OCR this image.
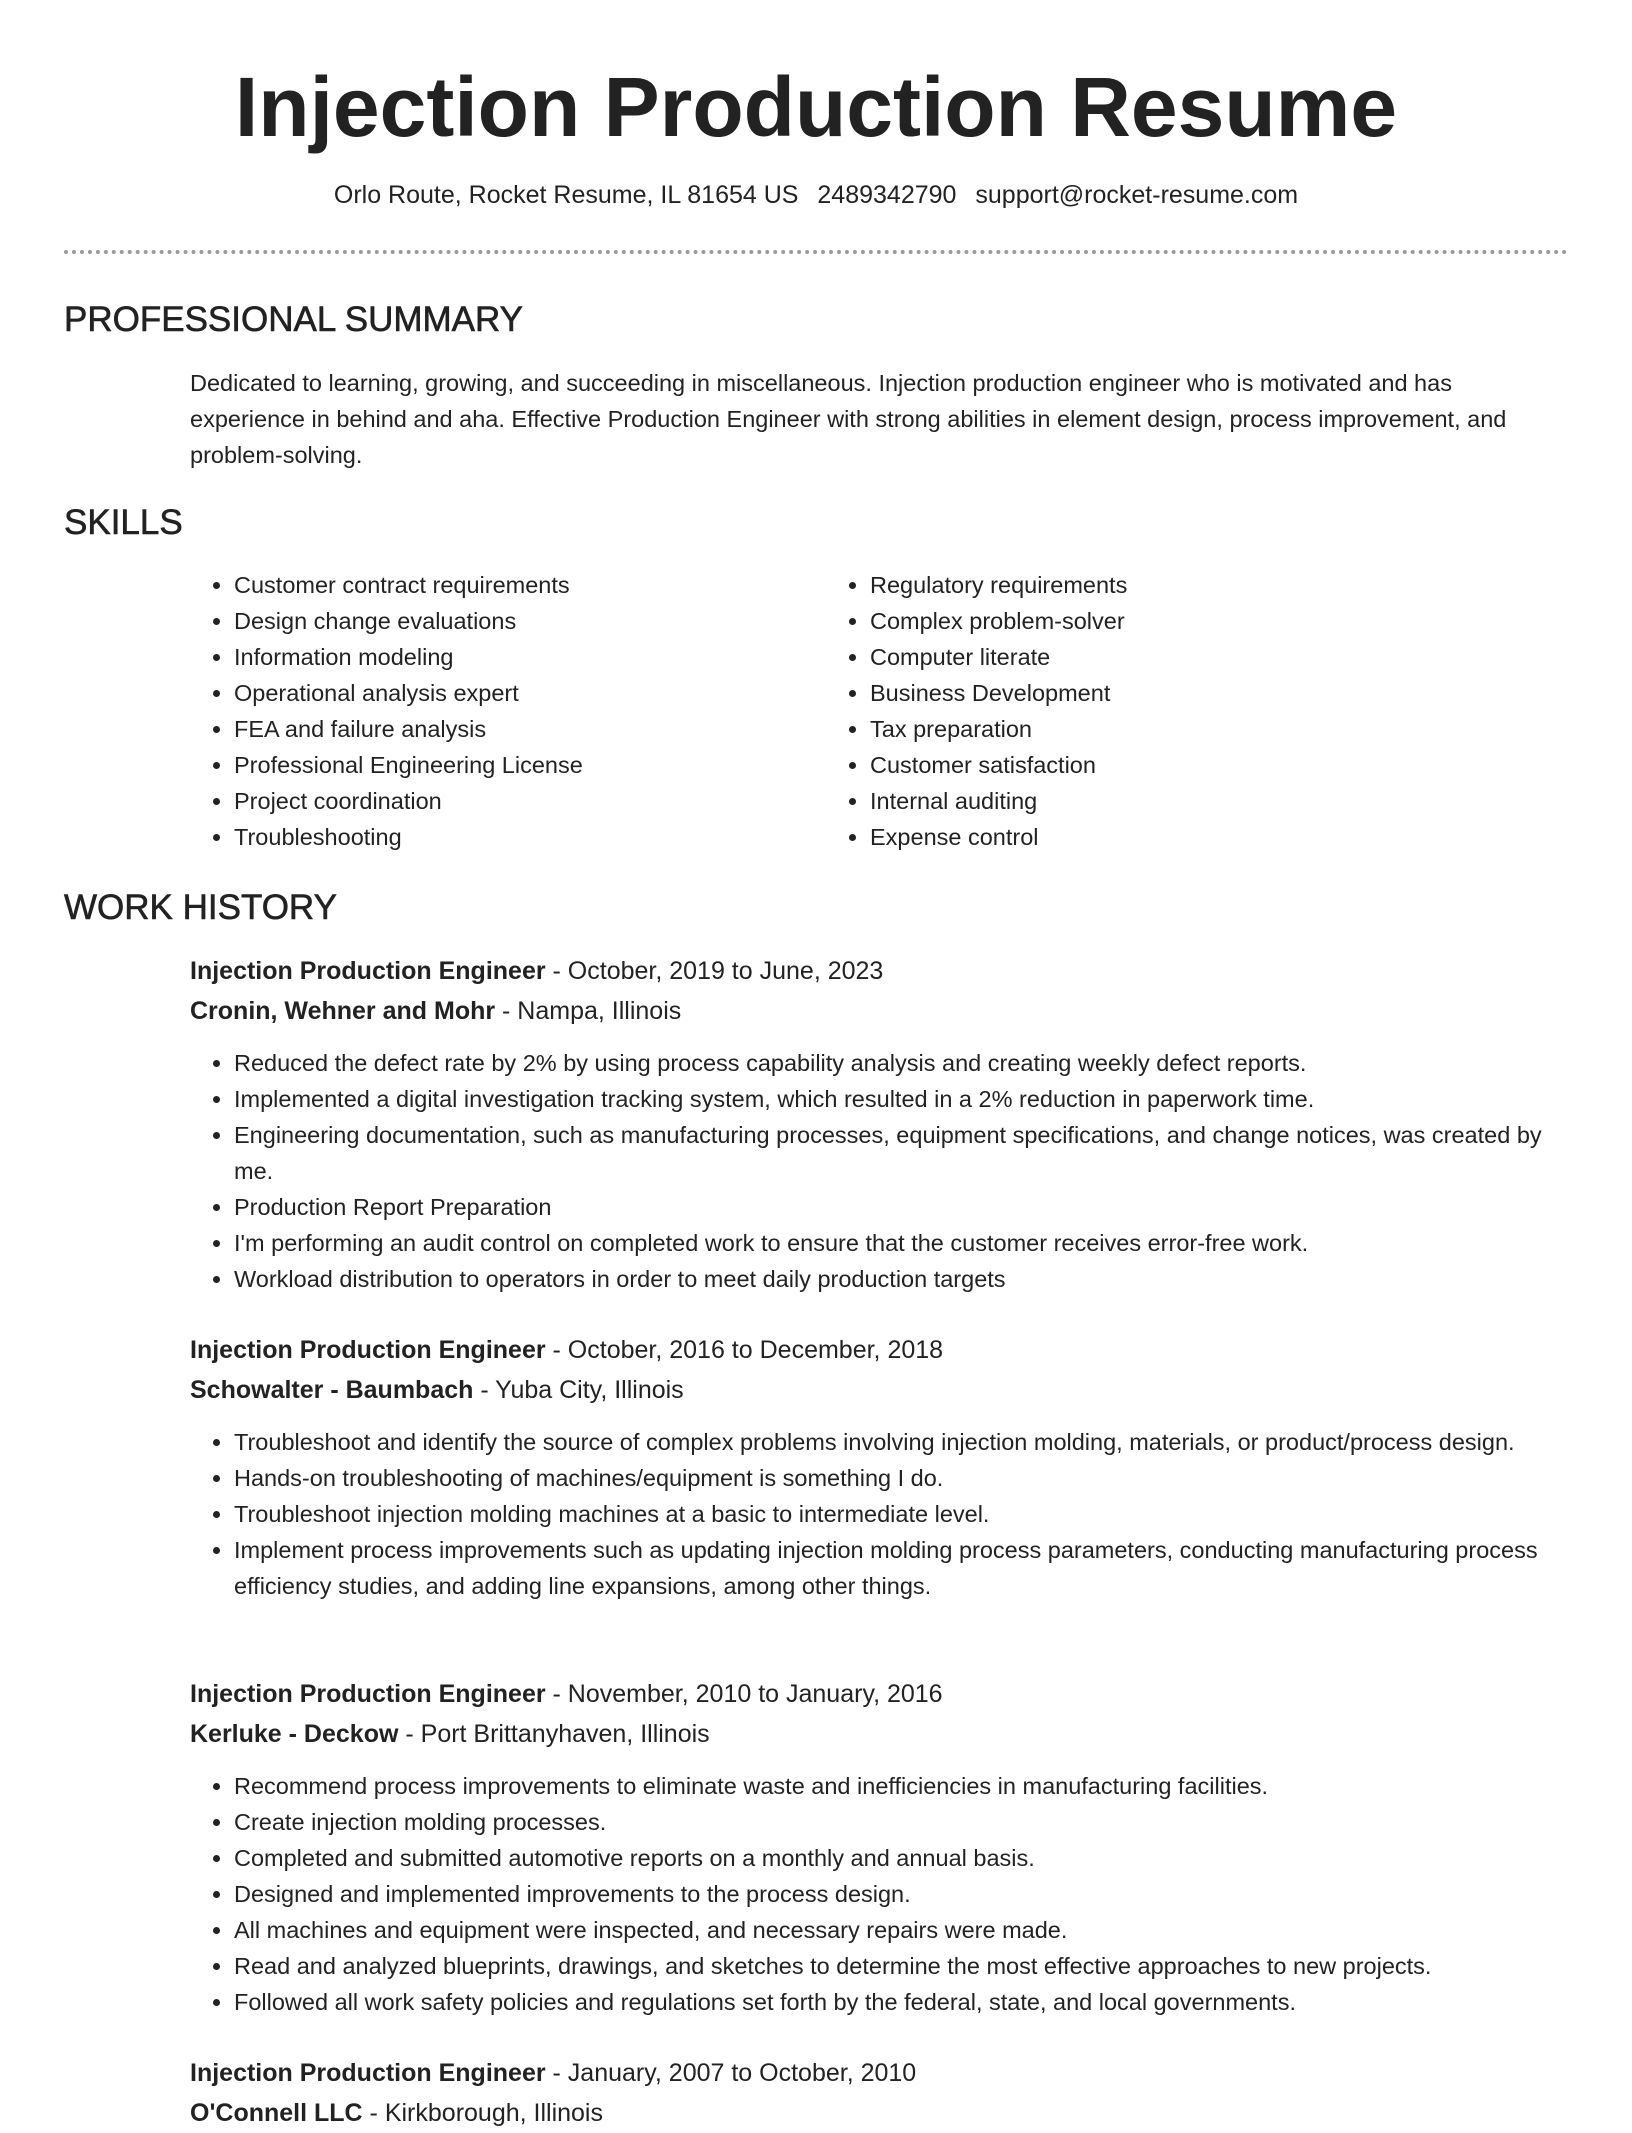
Injection Production Resume
Orlo Route, Rocket Resume, IL 81654 US 2489342790 support@rocket-resume.com
PROFESSIONAL SUMMARY

Dedicated to learning, growing, and succeeding in miscellaneous. Injection production engineer who is motivated and has experience in behind and aha. Effective Production Engineer with strong abilities in element design, process improvement, and problem-solving.

SKILLS
• Customer contract requirements
• Design change evaluations
• Information modeling
• Operational analysis expert
• FEA and failure analysis
• Professional Engineering License
• Project coordination
• Troubleshooting
• Regulatory requirements
• Complex problem-solver
• Computer literate
• Business Development
• Tax preparation
• Customer satisfaction
• Internal auditing
• Expense control
WORK HISTORY

Injection Production Engineer - October, 2019 to June, 2023

Cronin, Wehner and Mohr - Nampa, Illinois

• Reduced the defect rate by 2% by using process capability analysis and creating weekly defect reports.
• Implemented a digital investigation tracking system, which resulted in a 2% reduction in paperwork time.
• Engineering documentation, such as manufacturing processes, equipment specifications, and change notices, was created by me.
• Production Report Preparation
• I'm performing an audit control on completed work to ensure that the customer receives error-free work.
• Workload distribution to operators in order to meet daily production targets

Injection Production Engineer - October, 2016 to December, 2018

Schowalter - Baumbach - Yuba City, Illinois

• Troubleshoot and identify the source of complex problems involving injection molding, materials, or product/process design.
• Hands-on troubleshooting of machines/equipment is something I do.
• Troubleshoot injection molding machines at a basic to intermediate level.
• Implement process improvements such as updating injection molding process parameters, conducting manufacturing process efficiency studies, and adding line expansions, among other things.

Injection Production Engineer - November, 2010 to January, 2016

Kerluke - Deckow - Port Brittanyhaven, Illinois

• Recommend process improvements to eliminate waste and inefficiencies in manufacturing facilities.
• Create injection molding processes.
• Completed and submitted automotive reports on a monthly and annual basis.
• Designed and implemented improvements to the process design.
• All machines and equipment were inspected, and necessary repairs were made.
• Read and analyzed blueprints, drawings, and sketches to determine the most effective approaches to new projects.
• Followed all work safety policies and regulations set forth by the federal, state, and local governments.

Injection Production Engineer - January, 2007 to October, 2010

O'Connell LLC - Kirkborough, Illinois
